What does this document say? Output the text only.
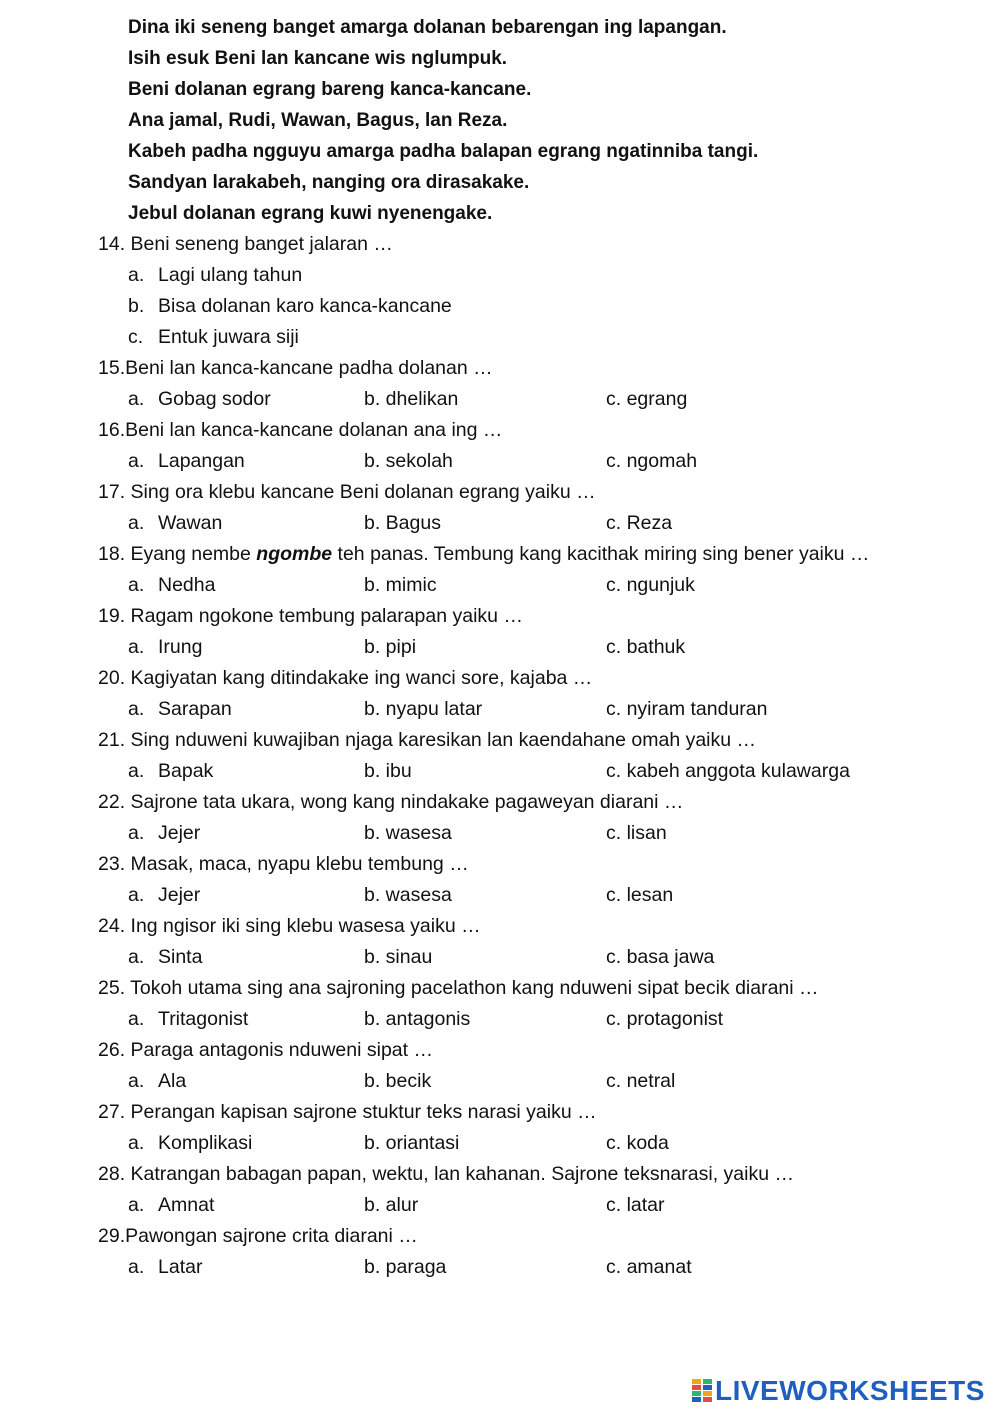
Dina iki seneng banget amarga dolanan bebarengan ing lapangan.
Isih esuk Beni lan kancane wis nglumpuk.
Beni dolanan egrang bareng kanca-kancane.
Ana jamal, Rudi, Wawan, Bagus, lan Reza.
Kabeh padha ngguyu amarga padha balapan egrang ngatinniba tangi.
Sandyan larakabeh, nanging ora dirasakake.
Jebul dolanan egrang kuwi nyenengake.
14. Beni seneng banget jalaran …
a. Lagi ulang tahun
b. Bisa dolanan karo kanca-kancane
c. Entuk juwara siji
15.Beni lan kanca-kancane padha dolanan …
a. Gobag sodor	b. dhelikan	c. egrang
16.Beni lan kanca-kancane dolanan ana ing …
a. Lapangan	b. sekolah	c. ngomah
17. Sing ora klebu kancane Beni dolanan egrang yaiku …
a. Wawan	b. Bagus	c. Reza
18. Eyang nembe ngombe teh panas. Tembung kang kacithak miring sing bener yaiku …
a. Nedha	b. mimic	c. ngunjuk
19. Ragam ngokone tembung palarapan yaiku …
a. Irung	b. pipi	c. bathuk
20. Kagiyatan kang ditindakake ing wanci sore, kajaba …
a. Sarapan	b. nyapu latar	c. nyiram tanduran
21. Sing nduweni kuwajiban njaga karesikan lan kaendahane omah yaiku …
a. Bapak	b. ibu	c. kabeh anggota kulawarga
22. Sajrone tata ukara, wong kang nindakake pagaweyan diarani …
a. Jejer	b. wasesa	c. lisan
23. Masak, maca, nyapu klebu tembung …
a. Jejer	b. wasesa	c. lesan
24. Ing ngisor iki sing klebu wasesa yaiku …
a. Sinta	b. sinau	c. basa jawa
25. Tokoh utama sing ana sajroning pacelathon kang nduweni sipat becik diarani …
a. Tritagonist	b. antagonis	c. protagonist
26. Paraga antagonis nduweni sipat …
a. Ala	b. becik	c. netral
27. Perangan kapisan sajrone stuktur teks narasi yaiku …
a. Komplikasi	b. oriantasi	c. koda
28. Katrangan babagan papan, wektu, lan kahanan. Sajrone teksnarasi, yaiku …
a. Amnat	b. alur	c. latar
29.Pawongan sajrone crita diarani …
a. Latar	b. paraga	c. amanat
LIVEWORKSHEETS
